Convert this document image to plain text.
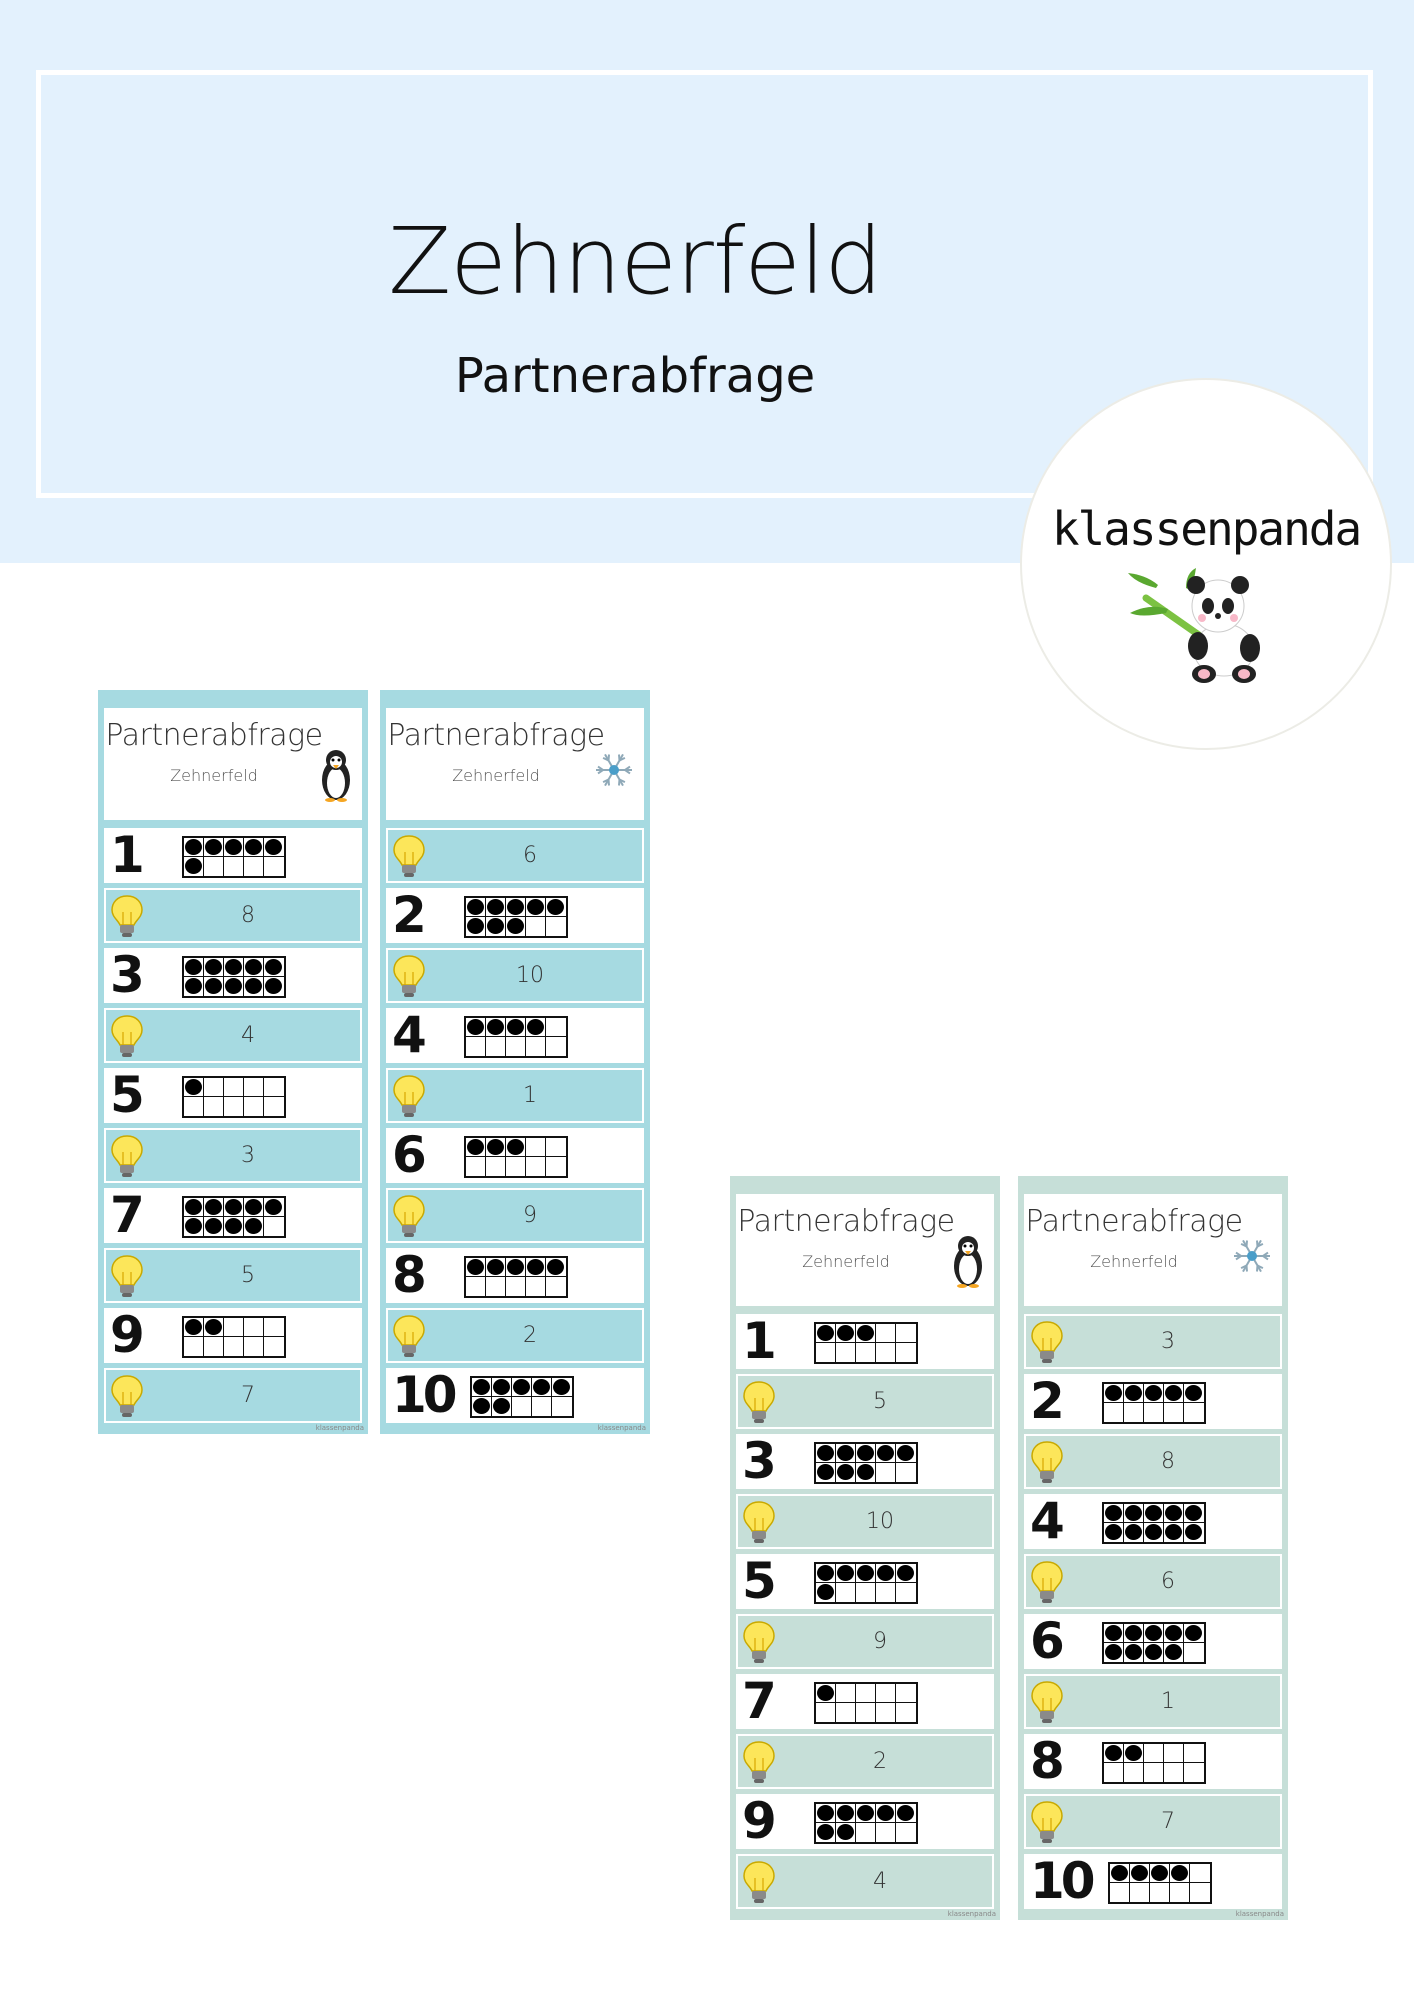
Zehnerfeld
Partnerabfrage
klassenpanda
Partnerabfrage
Zehnerfeld
1
8
3
4
5
3
7
5
9
7
klassenpanda
Partnerabfrage
Zehnerfeld
6
2
10
4
1
6
9
8
2
10
klassenpanda
Partnerabfrage
Zehnerfeld
1
5
3
10
5
9
7
2
9
4
klassenpanda
Partnerabfrage
Zehnerfeld
3
2
8
4
6
6
1
8
7
10
klassenpanda
